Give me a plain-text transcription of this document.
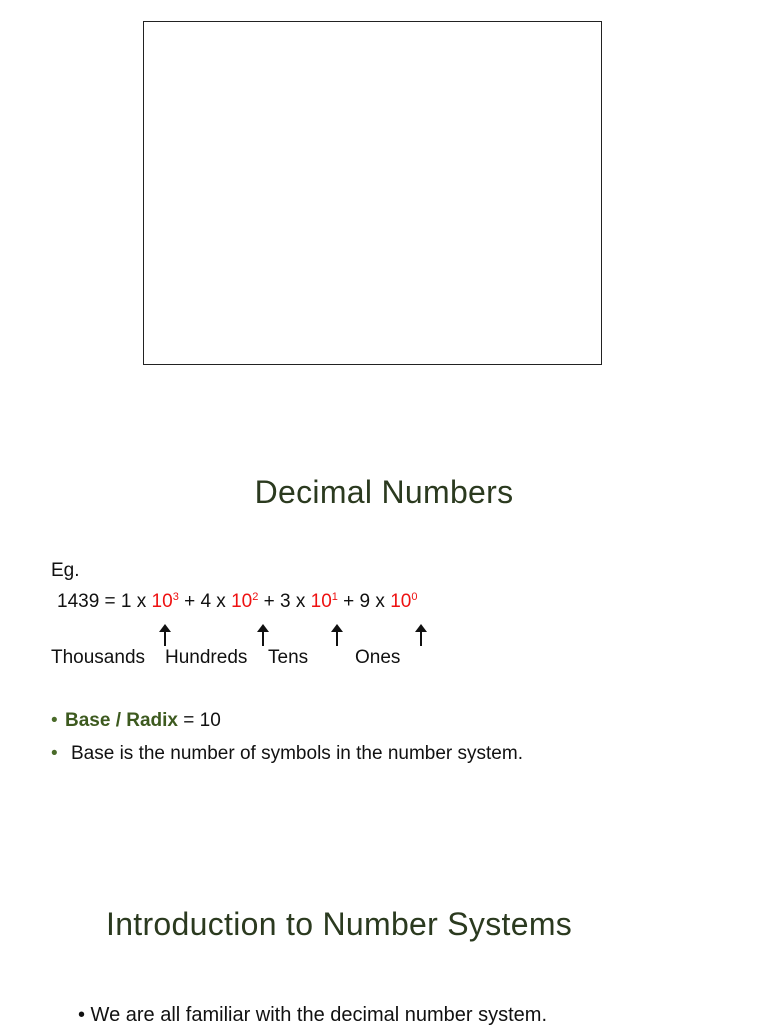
Decimal Numbers
Eg.
1439 = 1 x $10^3 + 4$ x $10^2 + 3$ x $10^1 + 9$ x $10^0$
Thousands Hundreds Tens Ones
• Base / Radix = 10
• Base is the number of symbols in the number system.
Introduction to Number Systems
• We are all familiar with the decimal number system.
